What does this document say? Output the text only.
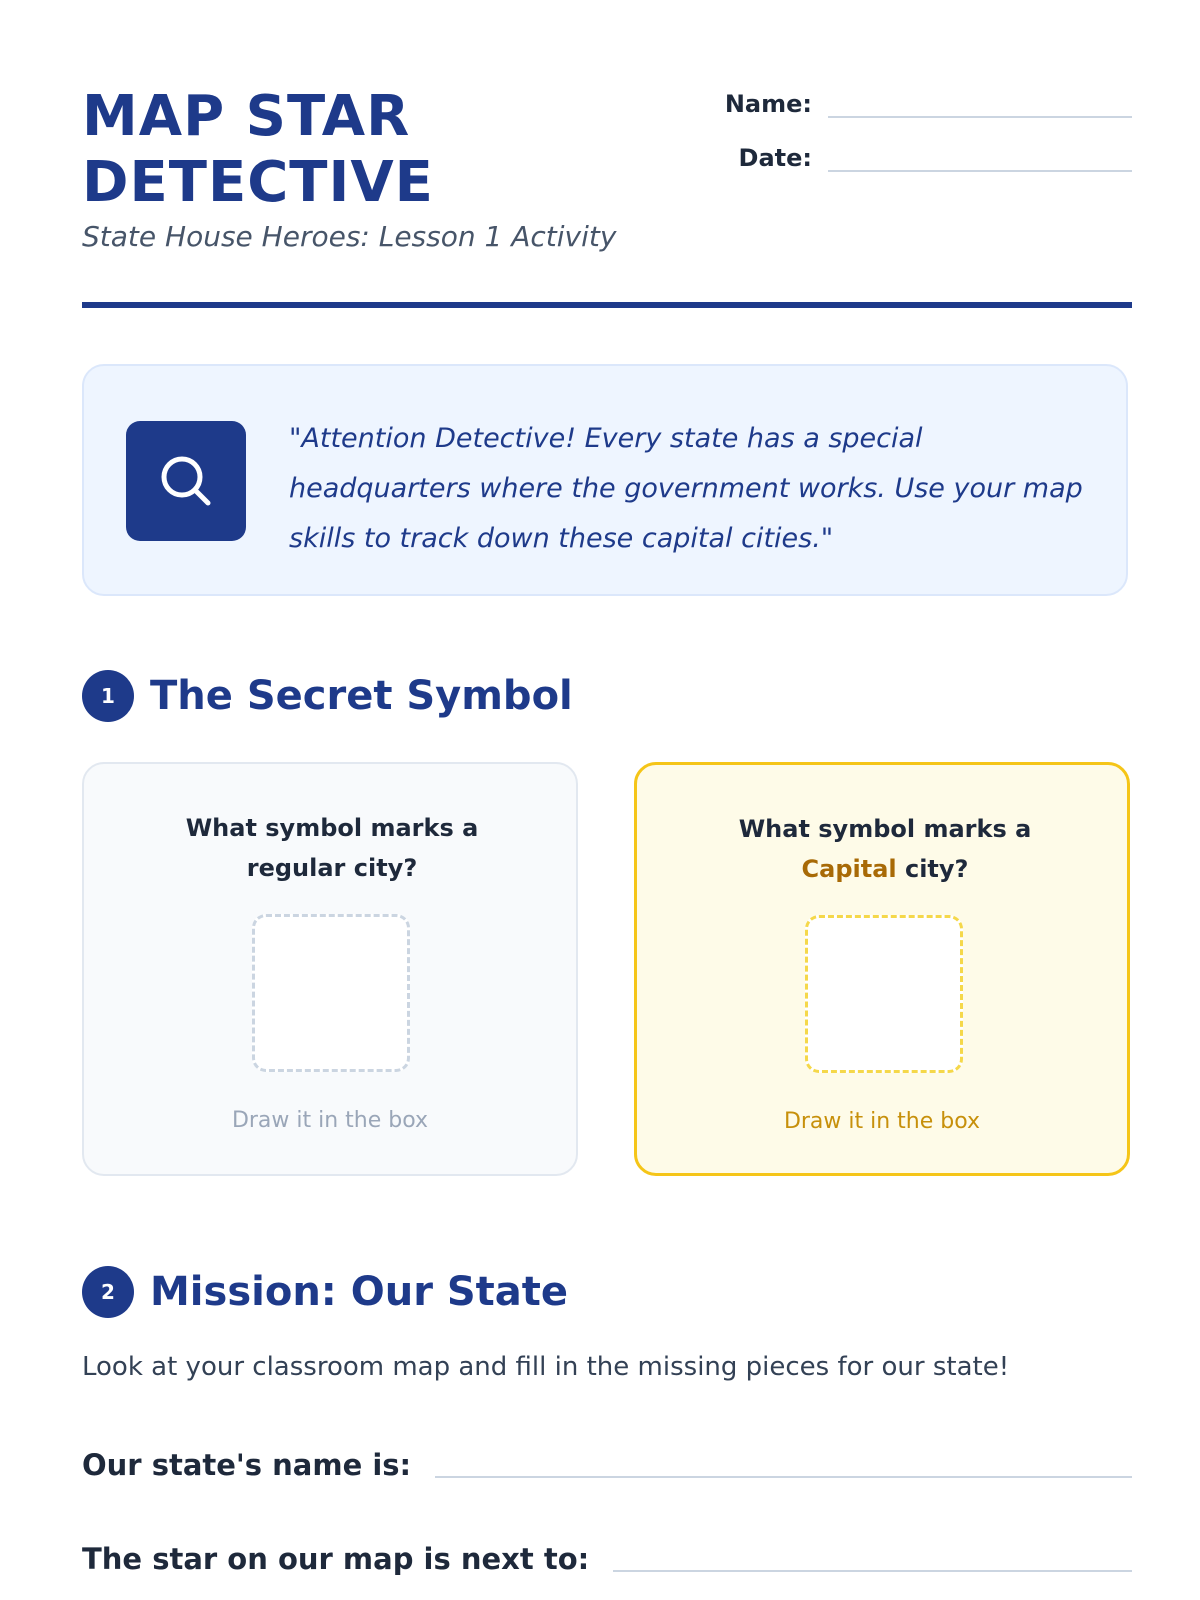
MAP STAR DETECTIVE
State House Heroes: Lesson 1 Activity
Name:
Date:
"Attention Detective! Every state has a special headquarters where the government works. Use your map skills to track down these capital cities."
1 The Secret Symbol
What symbol marks a regular city?
Draw it in the box
What symbol marks a Capital city?
Draw it in the box
2 Mission: Our State
Look at your classroom map and fill in the missing pieces for our state!
Our state's name is:
The star on our map is next to:
